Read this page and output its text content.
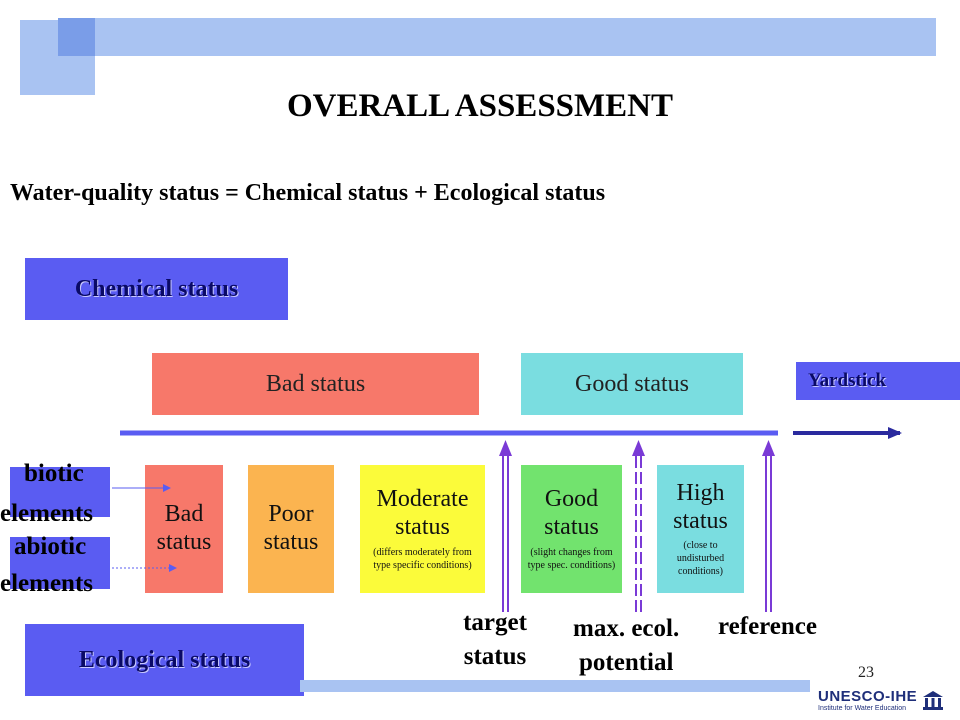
OVERALL ASSESSMENT
Water-quality status = Chemical status + Ecological status
Chemical status
Bad status	Good status	Yardstick
Bad
status
Poor
status
Moderate
status
(differs moderately from type specific conditions)
Good
status
(slight changes from type spec. conditions)
High
status
(close to undisturbed conditions)
biotic
elements
abiotic
elements
Ecological status
target
status
max. ecol.
potential
reference
23
UNESCO-IHE
Institute for Water Education
